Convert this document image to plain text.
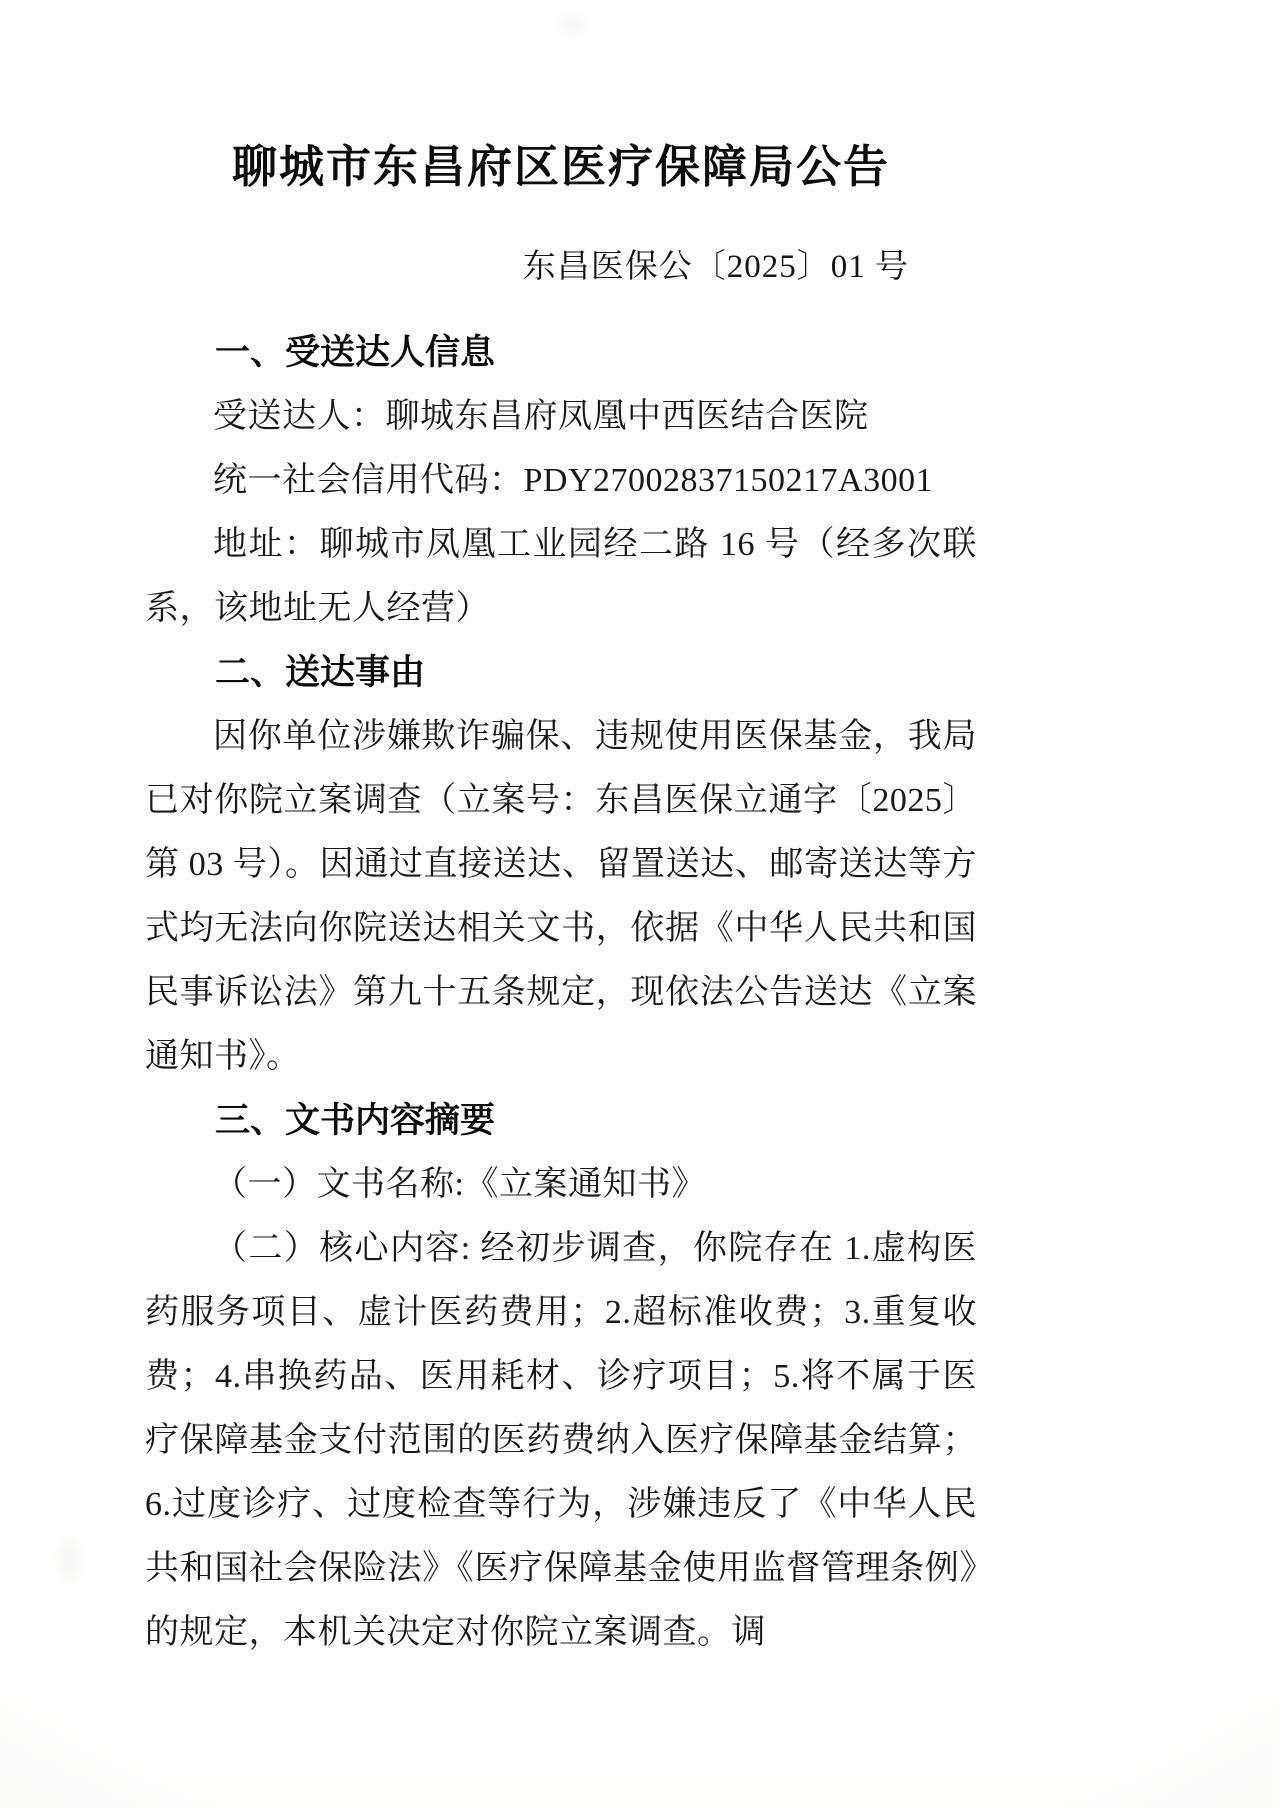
聊城市东昌府区医疗保障局公告
东昌医保公〔2025〕01 号
一、受送达人信息

受送达人：聊城东昌府凤凰中西医结合医院

统一社会信用代码：PDY27002837150217A3001

地址：聊城市凤凰工业园经二路 16 号（经多次联系，该地址无人经营）

二、送达事由

因你单位涉嫌欺诈骗保、违规使用医保基金，我局已对你院立案调查（立案号：东昌医保立通字〔2025〕第 03 号）。因通过直接送达、留置送达、邮寄送达等方式均无法向你院送达相关文书，依据《中华人民共和国民事诉讼法》第九十五条规定，现依法公告送达《立案通知书》。

三、文书内容摘要

（一）文书名称:《立案通知书》

（二）核心内容: 经初步调查，你院存在 1.虚构医药服务项目、虚计医药费用；2.超标准收费；3.重复收费；4.串换药品、医用耗材、诊疗项目；5.将不属于医疗保障基金支付范围的医药费纳入医疗保障基金结算；6.过度诊疗、过度检查等行为，涉嫌违反了《中华人民共和国社会保险法》《医疗保障基金使用监督管理条例》的规定，本机关决定对你院立案调查。调
